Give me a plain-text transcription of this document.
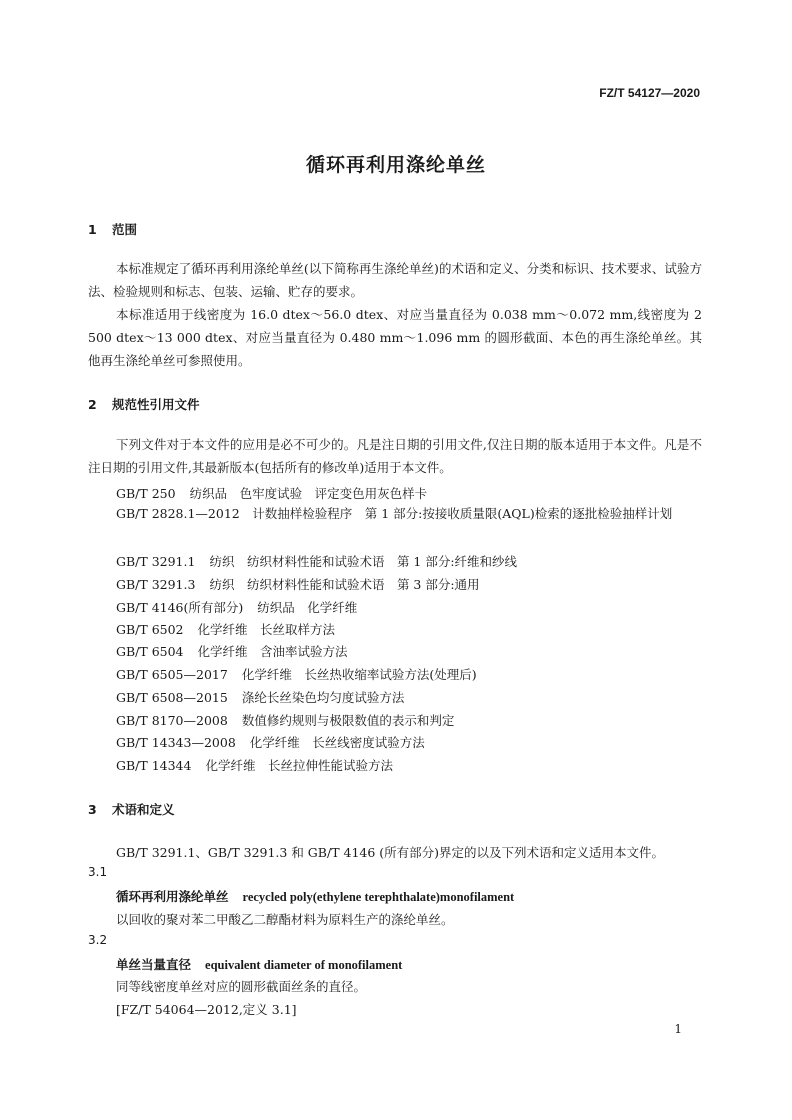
FZ/T 54127—2020
循环再利用涤纶单丝
1 范围
本标准规定了循环再利用涤纶单丝(以下简称再生涤纶单丝)的术语和定义、分类和标识、技术要求、试验方法、检验规则和标志、包装、运输、贮存的要求。
本标准适用于线密度为 16.0 dtex～56.0 dtex、对应当量直径为 0.038 mm～0.072 mm,线密度为 2 500 dtex～13 000 dtex、对应当量直径为 0.480 mm～1.096 mm 的圆形截面、本色的再生涤纶单丝。其他再生涤纶单丝可参照使用。
2 规范性引用文件
下列文件对于本文件的应用是必不可少的。凡是注日期的引用文件,仅注日期的版本适用于本文件。凡是不注日期的引用文件,其最新版本(包括所有的修改单)适用于本文件。
GB/T 250 纺织品　色牢度试验　评定变色用灰色样卡
GB/T 2828.1—2012　 计数抽样检验程序　第 1 部分:按接收质量限(AQL)检索的逐批检验抽样计划
GB/T 3291.1 纺织　纺织材料性能和试验术语　第 1 部分:纤维和纱线
GB/T 3291.3 纺织　纺织材料性能和试验术语　第 3 部分:通用
GB/T 4146(所有部分) 纺织品　化学纤维
GB/T 6502 化学纤维　长丝取样方法
GB/T 6504 化学纤维　含油率试验方法
GB/T 6505—2017 化学纤维　长丝热收缩率试验方法(处理后)
GB/T 6508—2015 涤纶长丝染色均匀度试验方法
GB/T 8170—2008 数值修约规则与极限数值的表示和判定
GB/T 14343—2008 化学纤维　长丝线密度试验方法
GB/T 14344 化学纤维　长丝拉伸性能试验方法
3 术语和定义
GB/T 3291.1、GB/T 3291.3 和 GB/T 4146 (所有部分)界定的以及下列术语和定义适用本文件。
3.1
循环再利用涤纶单丝 recycled poly(ethylene terephthalate)monofilament
以回收的聚对苯二甲酸乙二醇酯材料为原料生产的涤纶单丝。
3.2
单丝当量直径 equivalent diameter of monofilament
同等线密度单丝对应的圆形截面丝条的直径。
[FZ/T 54064—2012,定义 3.1]
1
